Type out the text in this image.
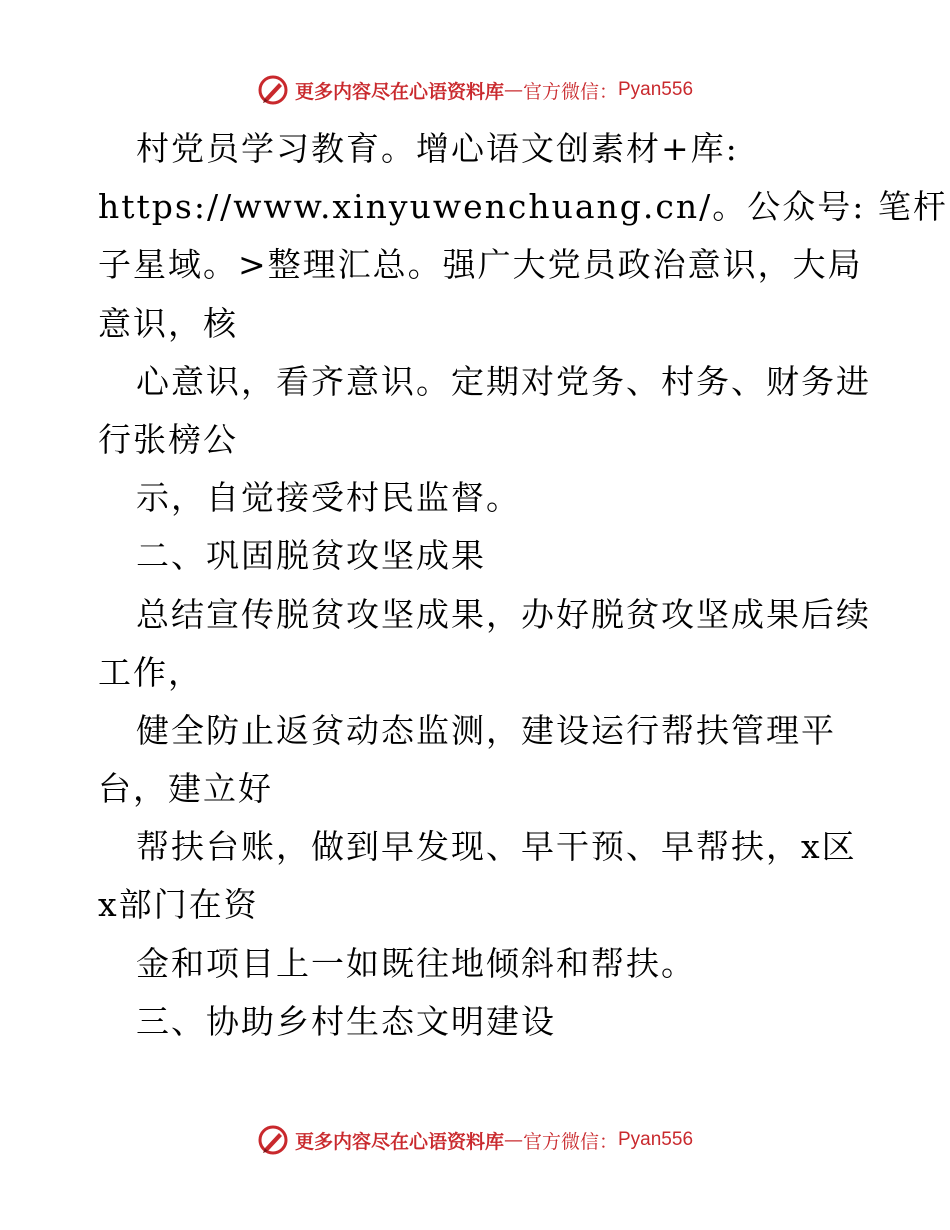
更多内容尽在心语资料库 — 官方微信： Pyan556
村党员学习教育。增心语文创素材+库:
https://www.xinyuwenchuang.cn/。公众号: 笔杆
子星域。>整理汇总。强广大党员政治意识，大局
意识，核
心意识，看齐意识。定期对党务、村务、财务进
行张榜公
示，自觉接受村民监督。
二、巩固脱贫攻坚成果
总结宣传脱贫攻坚成果，办好脱贫攻坚成果后续
工作，
健全防止返贫动态监测，建设运行帮扶管理平
台，建立好
帮扶台账，做到早发现、早干预、早帮扶，x区
x部门在资
金和项目上一如既往地倾斜和帮扶。
三、协助乡村生态文明建设
更多内容尽在心语资料库 — 官方微信： Pyan556
